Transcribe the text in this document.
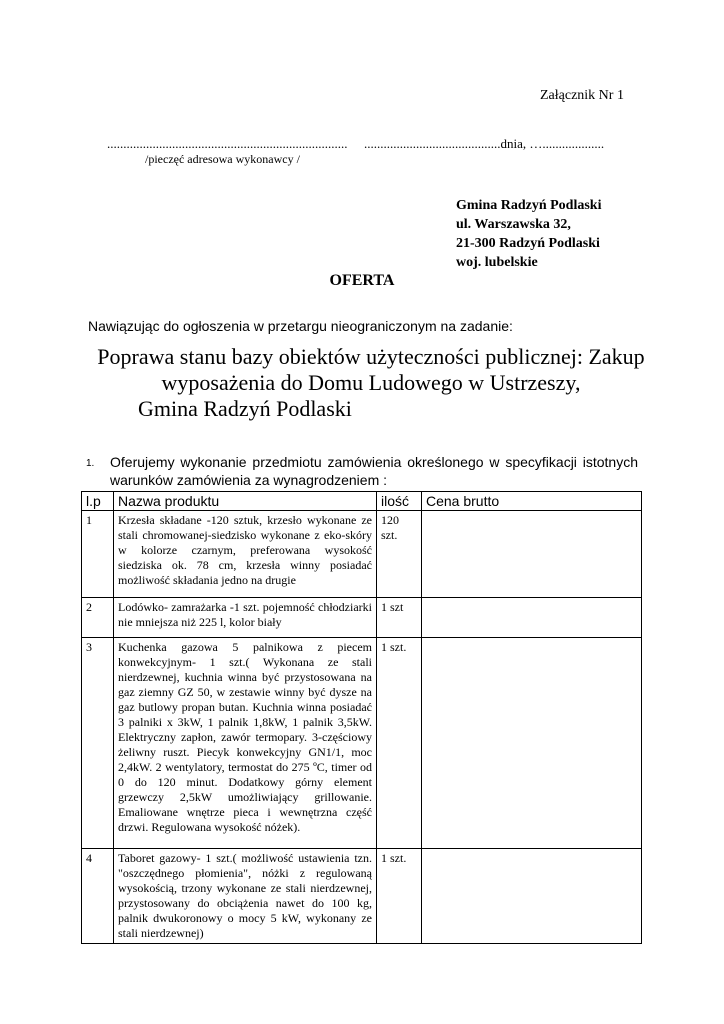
Załącznik Nr 1
.......................................................................... ..........................................dnia, …...................
/pieczęć adresowa wykonawcy /
Gmina Radzyń Podlaski
ul. Warszawska 32,
21-300 Radzyń Podlaski
woj. lubelskie
OFERTA
Nawiązując do ogłoszenia w przetargu nieograniczonym na zadanie:
Poprawa stanu bazy obiektów użyteczności publicznej: Zakup
wyposażenia do Domu Ludowego w Ustrzeszy,
Gmina Radzyń Podlaski
1. Oferujemy wykonanie przedmiotu zamówienia określonego w specyfikacji istotnych warunków zamówienia za wynagrodzeniem :
l.p	Nazwa produktu	ilość	Cena brutto
1	Krzesła składane -120 sztuk, krzesło wykonane ze stali chromowanej-siedzisko wykonane z eko-skóry w kolorze czarnym, preferowana wysokość siedziska ok. 78 cm, krzesła winny posiadać możliwość składania jedno na drugie	120 szt.	
2	Lodówko- zamrażarka -1 szt. pojemność chłodziarki nie mniejsza niż 225 l, kolor biały	1 szt	
3	Kuchenka gazowa 5 palnikowa z piecem konwekcyjnym- 1 szt.( Wykonana ze stali nierdzewnej, kuchnia winna być przystosowana na gaz ziemny GZ 50, w zestawie winny być dysze na gaz butlowy propan butan. Kuchnia winna posiadać 3 palniki x 3kW, 1 palnik 1,8kW, 1 palnik 3,5kW. Elektryczny zapłon, zawór termopary. 3-częściowy żeliwny ruszt. Piecyk konwekcyjny GN1/1, moc 2,4kW. 2 wentylatory, termostat do 275 ºC, timer od 0 do 120 minut. Dodatkowy górny element grzewczy 2,5kW umożliwiający grillowanie. Emaliowane wnętrze pieca i wewnętrzna część drzwi. Regulowana wysokość nóżek).	1 szt.	
4	Taboret gazowy- 1 szt.( możliwość ustawienia tzn. "oszczędnego płomienia", nóżki z regulowaną wysokością, trzony wykonane ze stali nierdzewnej, przystosowany do obciążenia nawet do 100 kg, palnik dwukoronowy o mocy 5 kW, wykonany ze stali nierdzewnej)	1 szt.	
